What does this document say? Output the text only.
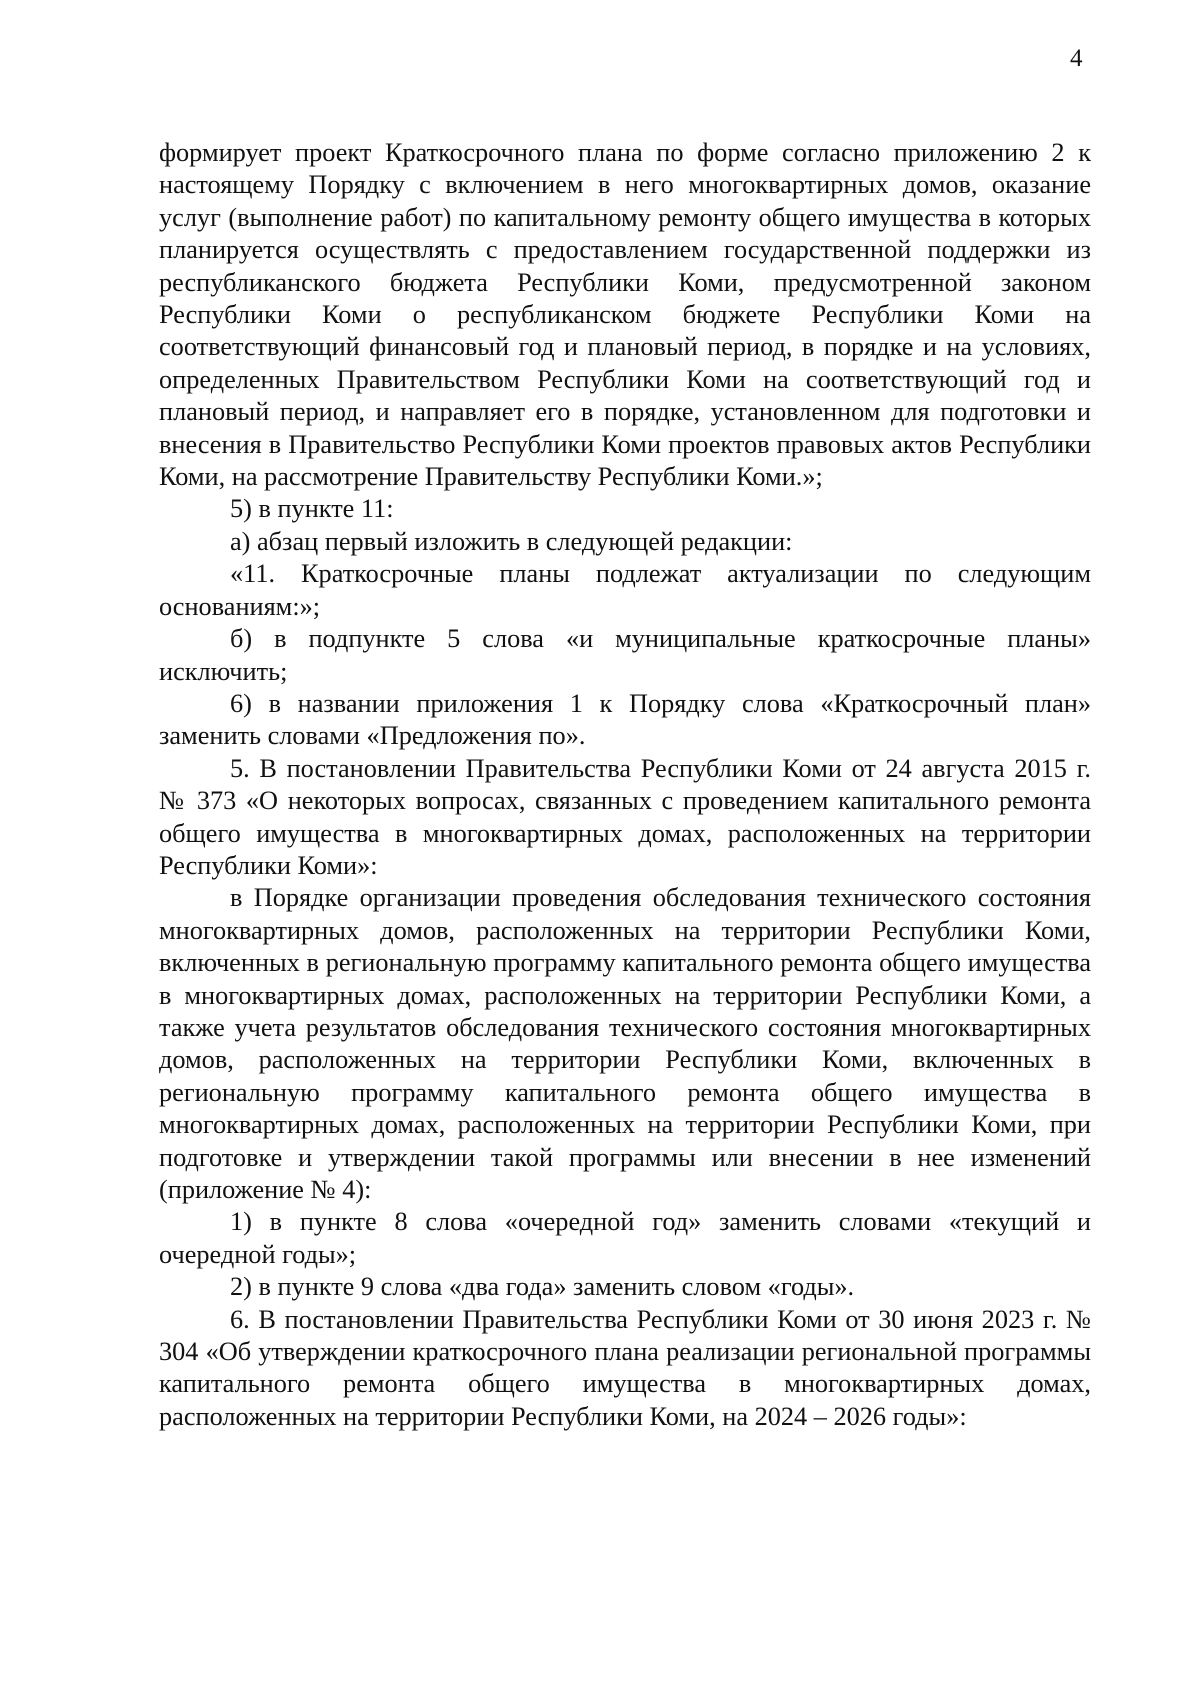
4

формирует проект Краткосрочного плана по форме согласно приложению 2 к настоящему Порядку с включением в него многоквартирных домов, оказание услуг (выполнение работ) по капитальному ремонту общего имущества в которых планируется осуществлять с предоставлением государственной поддержки из республиканского бюджета Республики Коми, предусмотренной законом Республики Коми о республиканском бюджете Республики Коми на соответствующий финансовый год и плановый период, в порядке и на условиях, определенных Правительством Республики Коми на соответствующий год и плановый период, и направляет его в порядке, установленном для подготовки и внесения в Правительство Республики Коми проектов правовых актов Республики Коми, на рассмотрение Правительству Республики Коми.»;

5) в пункте 11:

а) абзац первый изложить в следующей редакции:

«11. Краткосрочные планы подлежат актуализации по следующим основаниям:»;

б) в подпункте 5 слова «и муниципальные краткосрочные планы» исключить;

6) в названии приложения 1 к Порядку слова «Краткосрочный план» заменить словами «Предложения по».

5. В постановлении Правительства Республики Коми от 24 августа 2015 г. № 373 «О некоторых вопросах, связанных с проведением капитального ремонта общего имущества в многоквартирных домах, расположенных на территории Республики Коми»:

в Порядке организации проведения обследования технического состояния многоквартирных домов, расположенных на территории Республики Коми, включенных в региональную программу капитального ремонта общего имущества в многоквартирных домах, расположенных на территории Республики Коми, а также учета результатов обследования технического состояния многоквартирных домов, расположенных на территории Республики Коми, включенных в региональную программу капитального ремонта общего имущества в многоквартирных домах, расположенных на территории Республики Коми, при подготовке и утверждении такой программы или внесении в нее изменений (приложение № 4):

1) в пункте 8 слова «очередной год» заменить словами «текущий и очередной годы»;

2) в пункте 9 слова «два года» заменить словом «годы».

6. В постановлении Правительства Республики Коми от 30 июня 2023 г. № 304 «Об утверждении краткосрочного плана реализации региональной программы капитального ремонта общего имущества в многоквартирных домах, расположенных на территории Республики Коми, на 2024 – 2026 годы»:
